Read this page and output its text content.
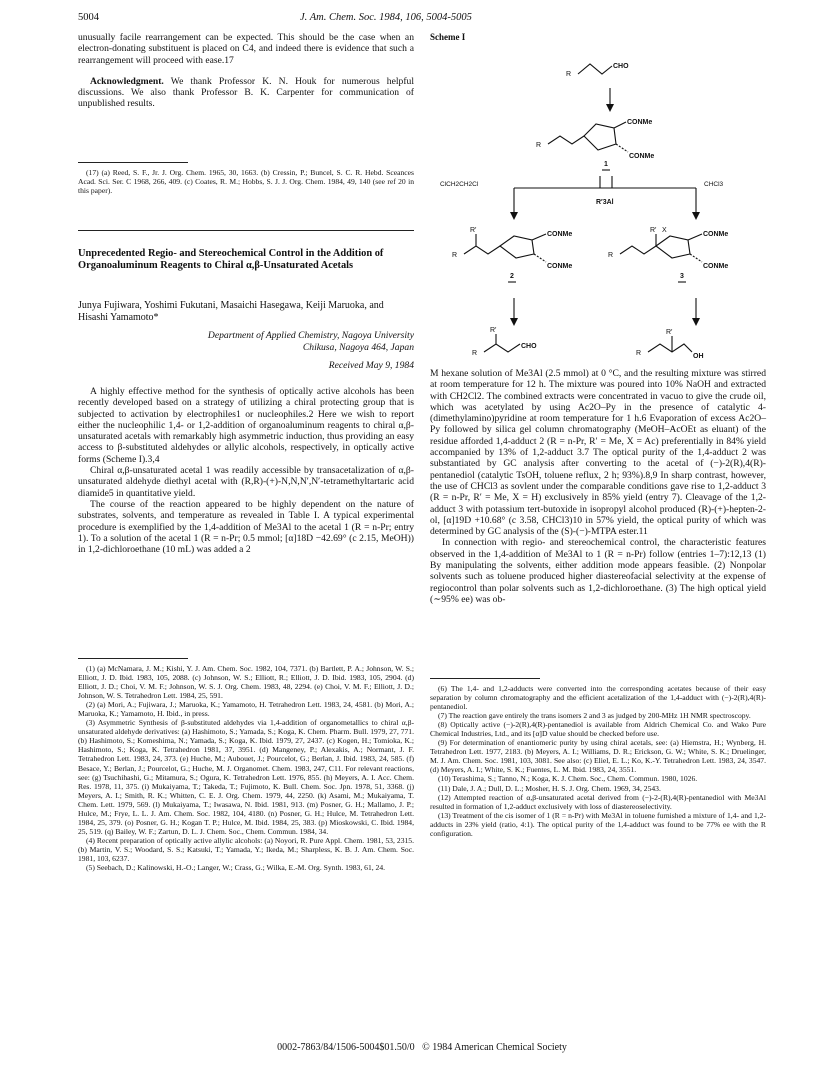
5004	J. Am. Chem. Soc. 1984, 106, 5004-5005

unusually facile rearrangement can be expected. This should be the case when an electron-donating substituent is placed on C4, and indeed there is evidence that such a rearrangement will proceed with ease.17

Acknowledgment. We thank Professor K. N. Houk for numerous helpful discussions. We also thank Professor B. K. Carpenter for communication of unpublished results.

(17) (a) Reed, S. F., Jr. J. Org. Chem. 1965, 30, 1663. (b) Cressin, P.; Buncel, S. C. R. Hebd. Sceances Acad. Sci. Ser. C 1968, 266, 409. (c) Coates, R. M.; Hobbs, S. J. J. Org. Chem. 1984, 49, 140 (see ref 20 in this paper).

Unprecedented Regio- and Stereochemical Control in the Addition of Organoaluminum Reagents to Chiral α,β-Unsaturated Acetals
Junya Fujiwara, Yoshimi Fukutani, Masaichi Hasegawa, Keiji Maruoka, and Hisashi Yamamoto*
Department of Applied Chemistry, Nagoya University
Chikusa, Nagoya 464, Japan
Received May 9, 1984

A highly effective method for the synthesis of optically active alcohols has been recently developed based on a strategy of utilizing a chiral protecting group that is subjected to activation by electrophiles1 or nucleophiles.2 Here we wish to report either the nucleophilic 1,4- or 1,2-addition of organoaluminum reagents to chiral α,β-unsaturated acetals with remarkably high asymmetric induction, thus providing an easy access to β-substituted aldehydes or allylic alcohols, respectively, in optically active forms (Scheme I).3,4

Chiral α,β-unsaturated acetal 1 was readily accessible by transacetalization of α,β-unsaturated aldehyde diethyl acetal with (R,R)-(+)-N,N,N′,N′-tetramethyltartaric acid diamide5 in quantitative yield.

The course of the reaction appeared to be highly dependent on the nature of substrates, solvents, and temperature as revealed in Table I. A typical experimental procedure is exemplified by the 1,4-addition of Me3Al to the acetal 1 (R = n-Pr; entry 1). To a solution of the acetal 1 (R = n-Pr; 0.5 mmol; [α]18D −42.69° (c 2.15, MeOH)) in 1,2-dichloroethane (10 mL) was added a 2

(1) (a) McNamara, J. M.; Kishi, Y. J. Am. Chem. Soc. 1982, 104, 7371. (b) Bartlett, P. A.; Johnson, W. S.; Elliott, J. D. Ibid. 1983, 105, 2088. (c) Johnson, W. S.; Elliott, R.; Elliott, J. D. Ibid. 1983, 105, 2904. (d) Elliott, J. D.; Choi, V. M. F.; Johnson, W. S. J. Org. Chem. 1983, 48, 2294. (e) Choi, V. M. F.; Elliott, J. D.; Johnson, W. S. Tetrahedron Lett. 1984, 25, 591.

(2) (a) Mori, A.; Fujiwara, J.; Maruoka, K.; Yamamoto, H. Tetrahedron Lett. 1983, 24, 4581. (b) Mori, A.; Maruoka, K.; Yamamoto, H. Ibid., in press.

(3) Asymmetric Synthesis of β-substituted aldehydes via 1,4-addition of organometallics to chiral α,β-unsaturated aldehyde derivatives: (a) Hashimoto, S.; Yamada, S.; Koga, K. Chem. Pharm. Bull. 1979, 27, 771. (b) Hashimoto, S.; Komeshima, N.; Yamada, S.; Koga, K. Ibid. 1979, 27, 2437. (c) Kogen, H.; Tomioka, K.; Hashimoto, S.; Koga, K. Tetrahedron 1981, 37, 3951. (d) Mangeney, P.; Alexakis, A.; Normant, J. F. Tetrahedron Lett. 1983, 24, 373. (e) Huche, M.; Aubouet, J.; Pourcelot, G.; Berlan, J. Ibid. 1983, 24, 585. (f) Besace, Y.; Berlan, J.; Pourcelot, G.; Huche, M. J. Organomet. Chem. 1983, 247, C11. For relevant reactions, see: (g) Tsuchihashi, G.; Mitamura, S.; Ogura, K. Tetrahedron Lett. 1976, 855. (h) Meyers, A. I. Acc. Chem. Res. 1978, 11, 375. (i) Mukaiyama, T.; Takeda, T.; Fujimoto, K. Bull. Chem. Soc. Jpn. 1978, 51, 3368. (j) Meyers, A. I.; Smith, R. K.; Whitten, C. E. J. Org. Chem. 1979, 44, 2250. (k) Asami, M.; Mukaiyama, T. Chem. Lett. 1979, 569. (l) Mukaiyama, T.; Iwasawa, N. Ibid. 1981, 913. (m) Posner, G. H.; Mallamo, J. P.; Hulce, M.; Frye, L. L. J. Am. Chem. Soc. 1982, 104, 4180. (n) Posner, G. H.; Hulce, M. Tetrahedron Lett. 1984, 25, 379. (o) Posner, G. H.; Kogan T. P.; Hulce, M. Ibid. 1984, 25, 383. (p) Mioskowski, C. Ibid. 1984, 25, 519. (q) Bailey, W. F.; Zartun, D. L. J. Chem. Soc., Chem. Commun. 1984, 34.

(4) Recent preparation of optically active allylic alcohols: (a) Noyori, R. Pure Appl. Chem. 1981, 53, 2315. (b) Martin, V. S.; Woodard, S. S.; Katsuki, T.; Yamada, Y.; Ikeda, M.; Sharpless, K. B. J. Am. Chem. Soc. 1981, 103, 6237.

(5) Seebach, D.; Kalinowski, H.-O.; Langer, W.; Crass, G.; Wilka, E.-M. Org. Synth. 1983, 61, 24.

Scheme I
R
CHO
R
CONMe
CONMe
1
ClCH2CH2Cl	CHCl3
R′3Al
R′
R
CONMe
CONMe
2
R′ X
R
CONMe
CONMe
3
R′
R
CHO
R′
R	OH

M hexane solution of Me3Al (2.5 mmol) at 0 °C, and the resulting mixture was stirred at room temperature for 12 h. The mixture was poured into 10% NaOH and extracted with CH2Cl2. The combined extracts were concentrated in vacuo to give the crude oil, which was acetylated by using Ac2O–Py in the presence of catalytic 4-(dimethylamino)pyridine at room temperature for 1 h.6 Evaporation of excess Ac2O–Py followed by silica gel column chromatography (MeOH–AcOEt as eluant) of the residue afforded 1,4-adduct 2 (R = n-Pr, R′ = Me, X = Ac) preferentially in 84% yield accompanied by 13% of 1,2-adduct 3.7 The optical purity of the 1,4-adduct 2 was substantiated by GC analysis after converting to the acetal of (−)-2(R),4(R)-pentanediol (catalytic TsOH, toluene reflux, 2 h; 93%).8,9 In sharp contrast, however, the use of CHCl3 as sovlent under the comparable conditions gave rise to 1,2-adduct 3 (R = n-Pr, R′ = Me, X = H) exclusively in 85% yield (entry 7). Cleavage of the 1,2-adduct 3 with potassium tert-butoxide in isopropyl alcohol produced (R)-(+)-hepten-2-ol, [α]19D +10.68° (c 3.58, CHCl3)10 in 57% yield, the optical purity of which was determined by GC analysis of the (S)-(−)-MTPA ester.11

In connection with regio- and stereochemical control, the characteristic features observed in the 1,4-addition of Me3Al to 1 (R = n-Pr) follow (entries 1–7):12,13 (1) By manipulating the solvents, either addition mode appears feasible. (2) Nonpolar solvents such as toluene produced higher diastereofacial selectivity at the expense of regiocontrol than polar solvents such as 1,2-dichloroethane. (3) The high optical yield (∼95% ee) was ob-

(6) The 1,4- and 1,2-adducts were converted into the corresponding acetates because of their easy separation by column chromatography and the efficient acetalization of the 1,4-adduct with (−)-2(R),4(R)-pentanediol.

(7) The reaction gave entirely the trans isomers 2 and 3 as judged by 200-MHz 1H NMR spectroscopy.

(8) Optically active (−)-2(R),4(R)-pentanediol is available from Aldrich Chemical Co. and Wako Pure Chemical Industries, Ltd., and its [α]D value should be checked before use.

(9) For determination of enantiomeric purity by using chiral acetals, see: (a) Hiemstra, H.; Wynberg, H. Tetrahedron Lett. 1977, 2183. (b) Meyers, A. I.; Williams, D. R.; Erickson, G. W.; White, S. K.; Druelinger, M. J. Am. Chem. Soc. 1981, 103, 3081. See also: (c) Eliel, E. L.; Ko, K.-Y. Tetrahedron Lett. 1983, 24, 3547. (d) Meyers, A. I.; White, S. K.; Fuentes, L. M. Ibid. 1983, 24, 3551.

(10) Terashima, S.; Tanno, N.; Koga, K. J. Chem. Soc., Chem. Commun. 1980, 1026.

(11) Dale, J. A.; Dull, D. L.; Mosher, H. S. J. Org. Chem. 1969, 34, 2543.

(12) Attempted reaction of α,β-unsaturated acetal derived from (−)-2-(R),4(R)-pentanediol with Me3Al resulted in formation of 1,2-adduct exclusively with loss of diastereoselectivity.

(13) Treatment of the cis isomer of 1 (R = n-Pr) with Me3Al in toluene furnished a mixture of 1,4- and 1,2-adducts in 23% yield (ratio, 4:1). The optical purity of the 1,4-adduct was found to be 77% ee with the R configuration.

0002-7863/84/1506-5004$01.50/0   © 1984 American Chemical Society
